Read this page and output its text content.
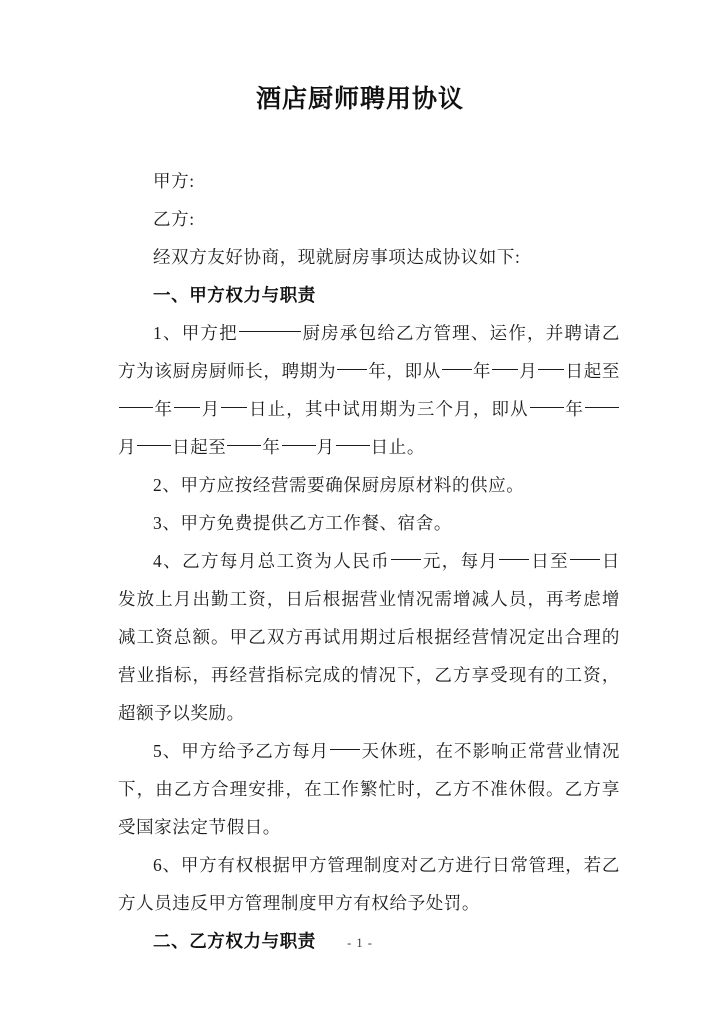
酒店厨师聘用协议

甲方:

乙方:

经双方友好协商，现就厨房事项达成协议如下:

一、甲方权力与职责

1、甲方把	厨房承包给乙方管理、运作，并聘请乙方为该厨房厨师长，聘期为 年，即从 年 月 日起至 年 月 日止，其中试用期为三个月，即从 年 月 日起至 年 月 日止。

2、甲方应按经营需要确保厨房原材料的供应。

3、甲方免费提供乙方工作餐、宿舍。

4、乙方每月总工资为人民币 元，每月 日至 日发放上月出勤工资，日后根据营业情况需增减人员，再考虑增减工资总额。甲乙双方再试用期过后根据经营情况定出合理的营业指标，再经营指标完成的情况下，乙方享受现有的工资，超额予以奖励。

5、甲方给予乙方每月 天休班，在不影响正常营业情况下，由乙方合理安排，在工作繁忙时，乙方不准休假。乙方享受国家法定节假日。

6、甲方有权根据甲方管理制度对乙方进行日常管理，若乙方人员违反甲方管理制度甲方有权给予处罚。

二、乙方权力与职责	- 1 -
